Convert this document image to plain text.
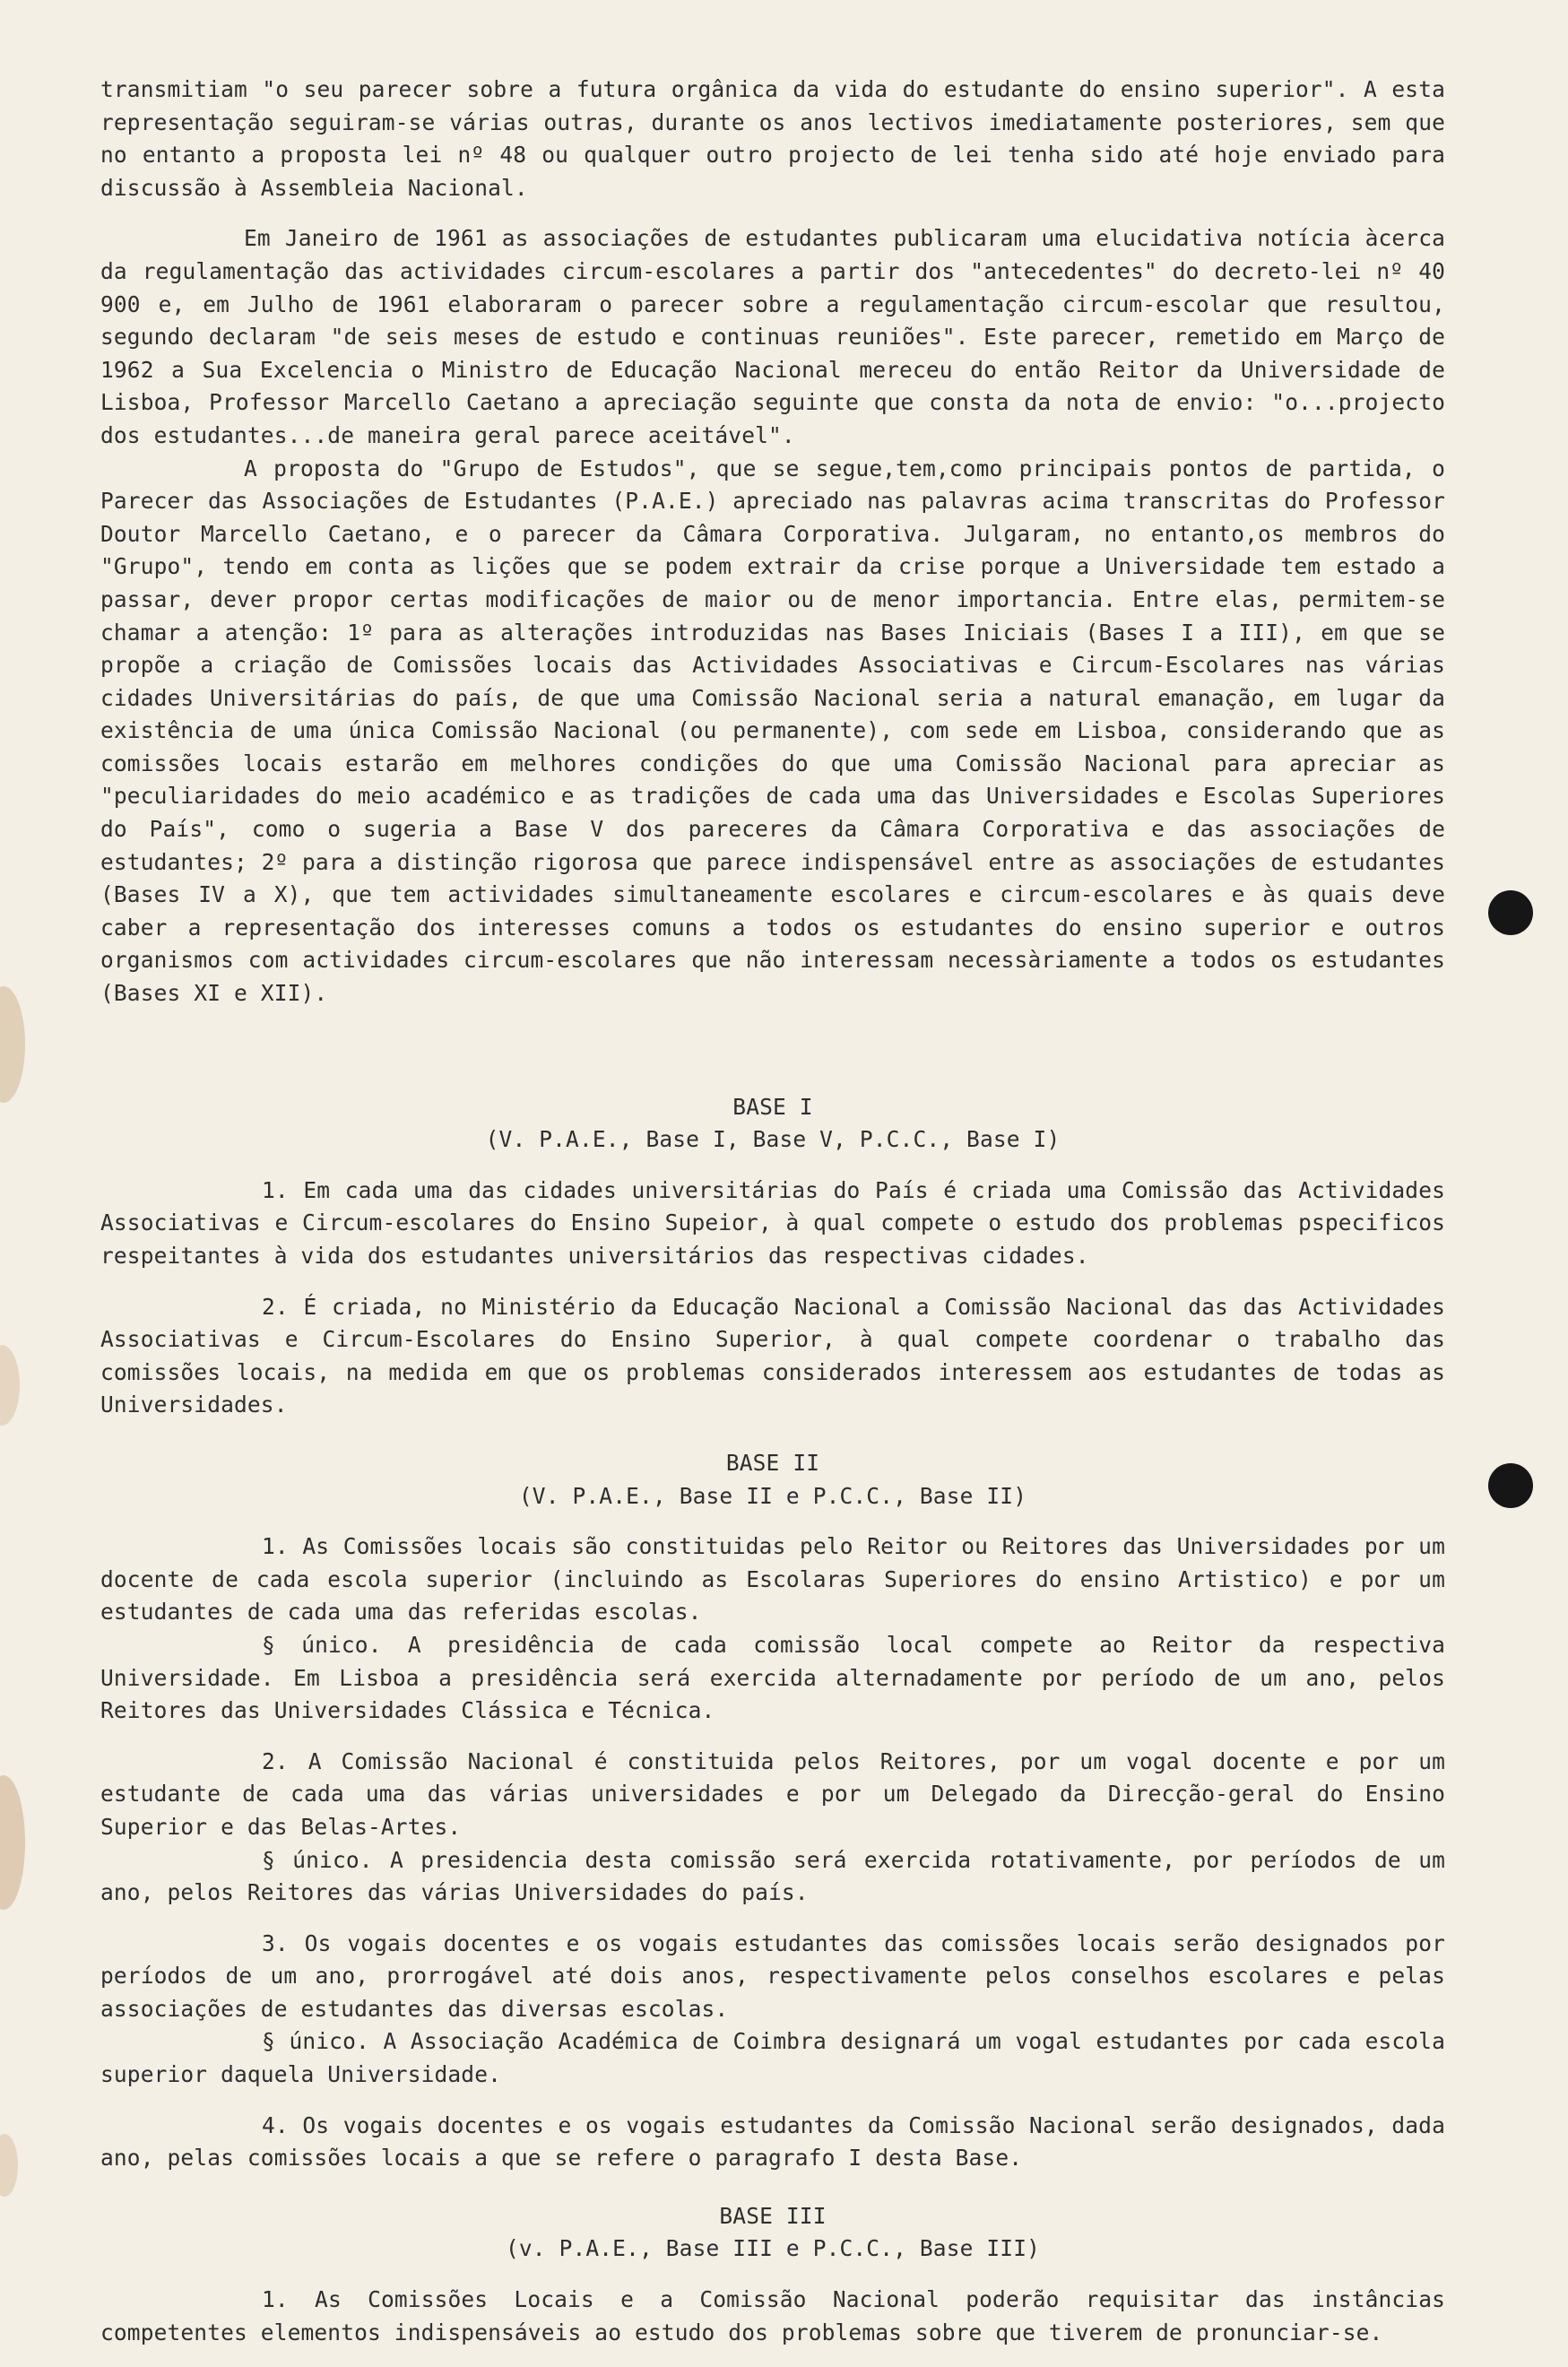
transmitiam "o seu parecer sobre a futura orgânica da vida do estudante do ensino superior". A esta representação seguiram-se várias outras, durante os anos lectivos imediatamente posteriores, sem que no entanto a proposta lei nº 48 ou qualquer outro projecto de lei tenha sido até hoje enviado para discussão à Assembleia Nacional.

Em Janeiro de 1961 as associações de estudantes publicaram uma elucidativa notícia àcerca da regulamentação das actividades circum-escolares a partir dos "antecedentes" do decreto-lei nº 40 900 e, em Julho de 1961 elaboraram o parecer sobre a regulamentação circum-escolar que resultou, segundo declaram "de seis meses de estudo e continuas reuniões". Este parecer, remetido em Março de 1962 a Sua Excelencia o Ministro de Educação Nacional mereceu do então Reitor da Universidade de Lisboa, Professor Marcello Caetano a apreciação seguinte que consta da nota de envio: "o...projecto dos estudantes...de maneira geral parece aceitável".

A proposta do "Grupo de Estudos", que se segue,tem,como principais pontos de partida, o Parecer das Associações de Estudantes (P.A.E.) apreciado nas palavras acima transcritas do Professor Doutor Marcello Caetano, e o parecer da Câmara Corporativa. Julgaram, no entanto,os membros do "Grupo", tendo em conta as lições que se podem extrair da crise porque a Universidade tem estado a passar, dever propor certas modificações de maior ou de menor importancia. Entre elas, permitem-se chamar a atenção: 1º para as alterações introduzidas nas Bases Iniciais (Bases I a III), em que se propõe a criação de Comissões locais das Actividades Associativas e Circum-Escolares nas várias cidades Universitárias do país, de que uma Comissão Nacional seria a natural emanação, em lugar da existência de uma única Comissão Nacional (ou permanente), com sede em Lisboa, considerando que as comissões locais estarão em melhores condições do que uma Comissão Nacional para apreciar as "peculiaridades do meio académico e as tradições de cada uma das Universidades e Escolas Superiores do País", como o sugeria a Base V dos pareceres da Câmara Corporativa e das associações de estudantes; 2º para a distinção rigorosa que parece indispensável entre as associações de estudantes (Bases IV a X), que tem actividades simultaneamente escolares e circum-escolares e às quais deve caber a representação dos interesses comuns a todos os estudantes do ensino superior e outros organismos com actividades circum-escolares que não interessam necessàriamente a todos os estudantes (Bases XI e XII).

BASE I

(V. P.A.E., Base I, Base V, P.C.C., Base I)

1. Em cada uma das cidades universitárias do País é criada uma Comissão das Actividades Associativas e Circum-escolares do Ensino Supeior, à qual compete o estudo dos problemas pspecificos respeitantes à vida dos estudantes universitários das respectivas cidades.

2. É criada, no Ministério da Educação Nacional a Comissão Nacional das das Actividades Associativas e Circum-Escolares do Ensino Superior, à qual compete coordenar o trabalho das comissões locais, na medida em que os problemas considerados interessem aos estudantes de todas as Universidades.

BASE II

(V. P.A.E., Base II e P.C.C., Base II)

1. As Comissões locais são constituidas pelo Reitor ou Reitores das Universidades por um docente de cada escola superior (incluindo as Escolaras Superiores do ensino Artistico) e por um estudantes de cada uma das referidas escolas.

§ único. A presidência de cada comissão local compete ao Reitor da respectiva Universidade. Em Lisboa a presidência será exercida alternadamente por período de um ano, pelos Reitores das Universidades Clássica e Técnica.

2. A Comissão Nacional é constituida pelos Reitores, por um vogal docente e por um estudante de cada uma das várias universidades e por um Delegado da Direcção-geral do Ensino Superior e das Belas-Artes.

§ único. A presidencia desta comissão será exercida rotativamente, por períodos de um ano, pelos Reitores das várias Universidades do país.

3. Os vogais docentes e os vogais estudantes das comissões locais serão designados por períodos de um ano, prorrogável até dois anos, respectivamente pelos conselhos escolares e pelas associações de estudantes das diversas escolas.

§ único. A Associação Académica de Coimbra designará um vogal estudantes por cada escola superior daquela Universidade.

4. Os vogais docentes e os vogais estudantes da Comissão Nacional serão designados, dada ano, pelas comissões locais a que se refere o paragrafo I desta Base.

BASE III

(v. P.A.E., Base III e P.C.C., Base III)

1. As Comissões Locais e a Comissão Nacional poderão requisitar das instâncias competentes elementos indispensáveis ao estudo dos problemas sobre que tiverem de pronunciar-se.
